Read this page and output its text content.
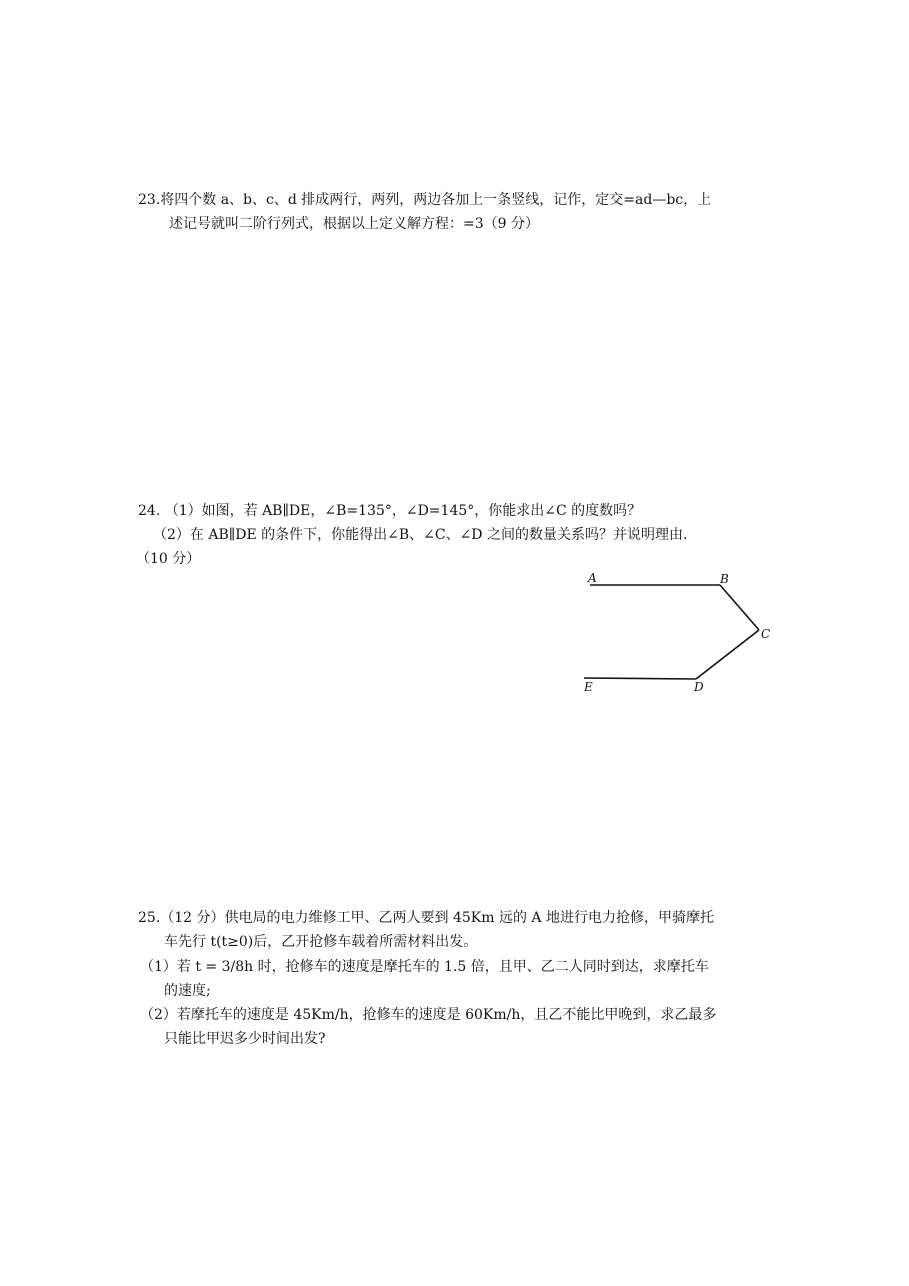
23.将四个数 a、b、c、d 排成两行，两列，两边各加上一条竖线，记作，定交=ad—bc，上
述记号就叫二阶行列式，根据以上定义解方程：=3（9 分）
24. （1）如图，若 AB∥DE，∠B=135°，∠D=145°，你能求出∠C 的度数吗？
（2）在 AB∥DE 的条件下，你能得出∠B、∠C、∠D 之间的数量关系吗？并说明理由．
（10 分）
A	B
C
D
E
25.（12 分）供电局的电力维修工甲、乙两人要到 45Km 远的 A 地进行电力抢修，甲骑摩托
车先行 t(t≥0)后，乙开抢修车载着所需材料出发。
（1）若 t = 3/8h 时，抢修车的速度是摩托车的 1.5 倍，且甲、乙二人同时到达，求摩托车
的速度;
（2）若摩托车的速度是 45Km/h，抢修车的速度是 60Km/h，且乙不能比甲晚到，求乙最多
只能比甲迟多少时间出发?
